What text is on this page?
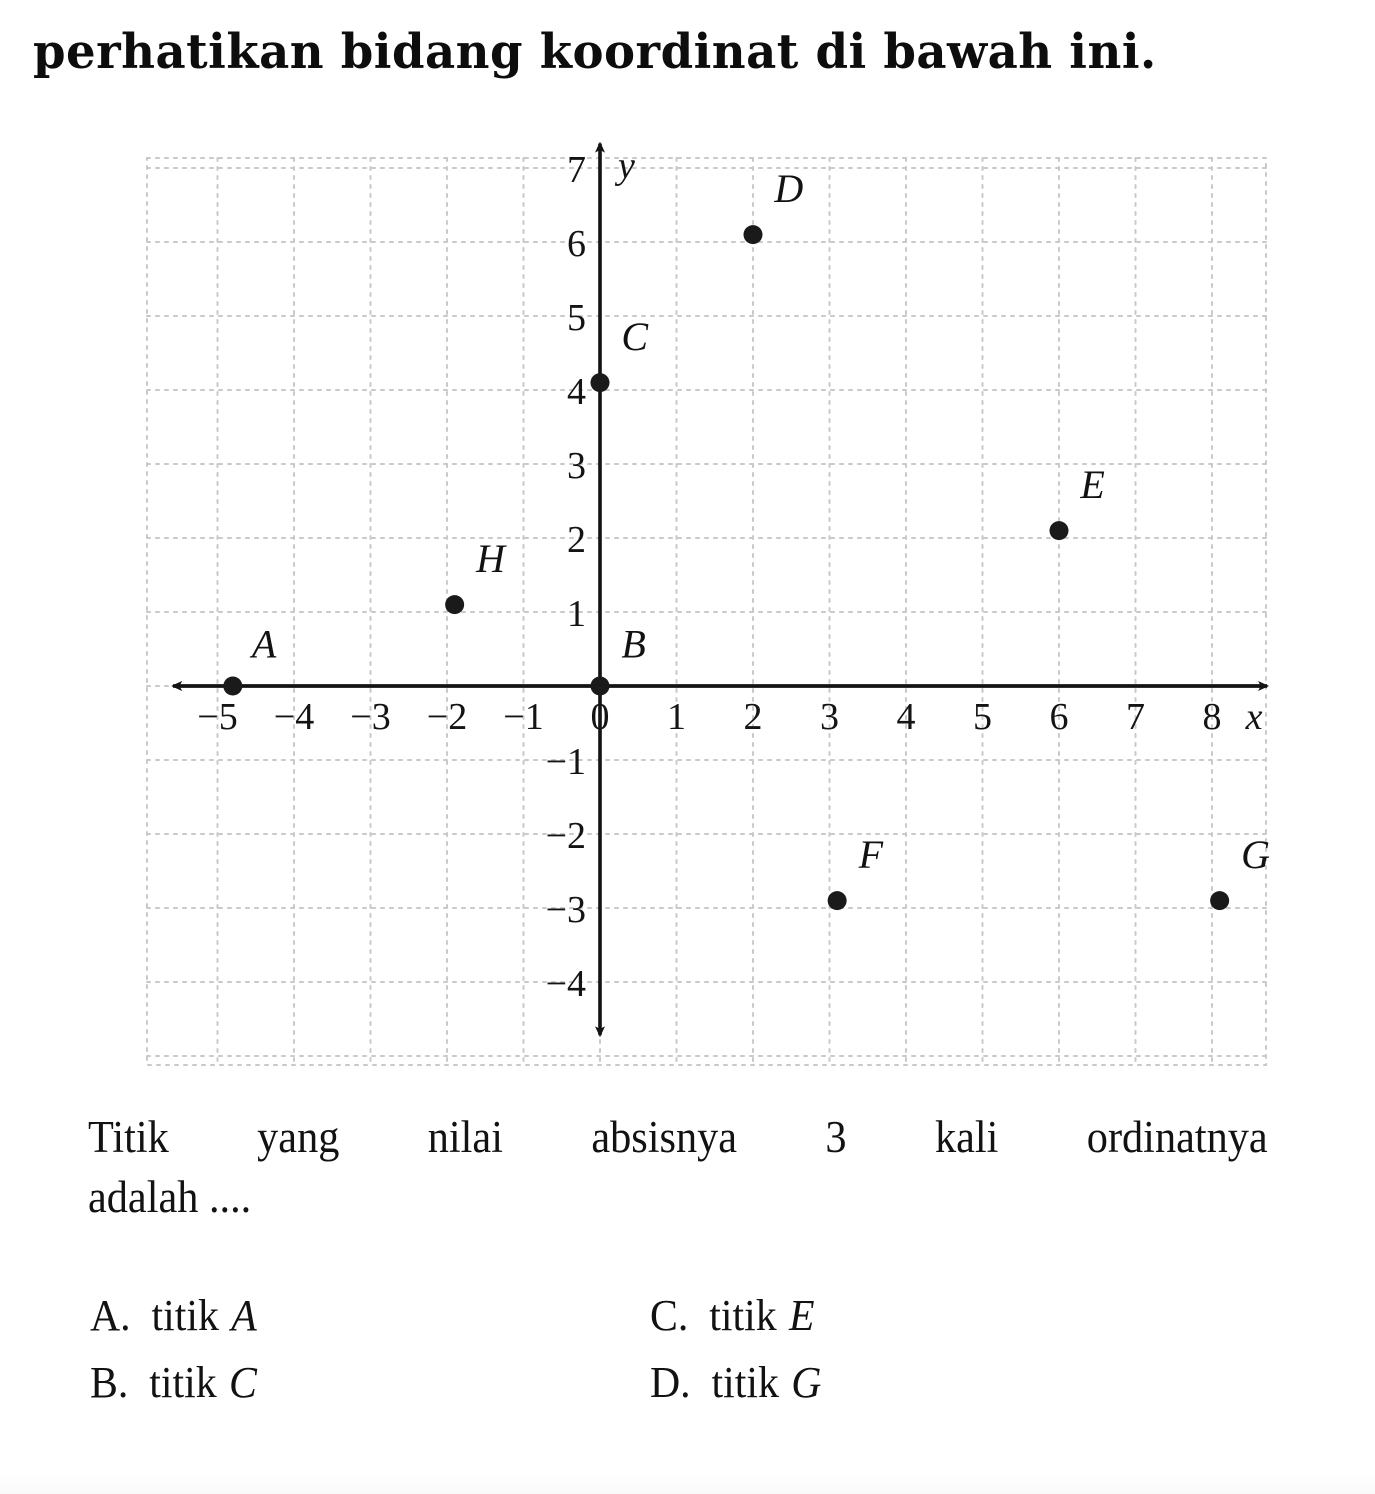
perhatikan bidang koordinat di bawah ini.
A	B
C
D
E
F	G
H
−5 −4 −3 −2 −1 0 1 2 3 4 5 6 7 8 x
7
6
5
4
3
2
1
−1
−2
−3
−4
y
Titik yang nilai absisnya 3 kali ordinatnya
adalah ....
A. titik A	C. titik E
B. titik C	D. titik G
